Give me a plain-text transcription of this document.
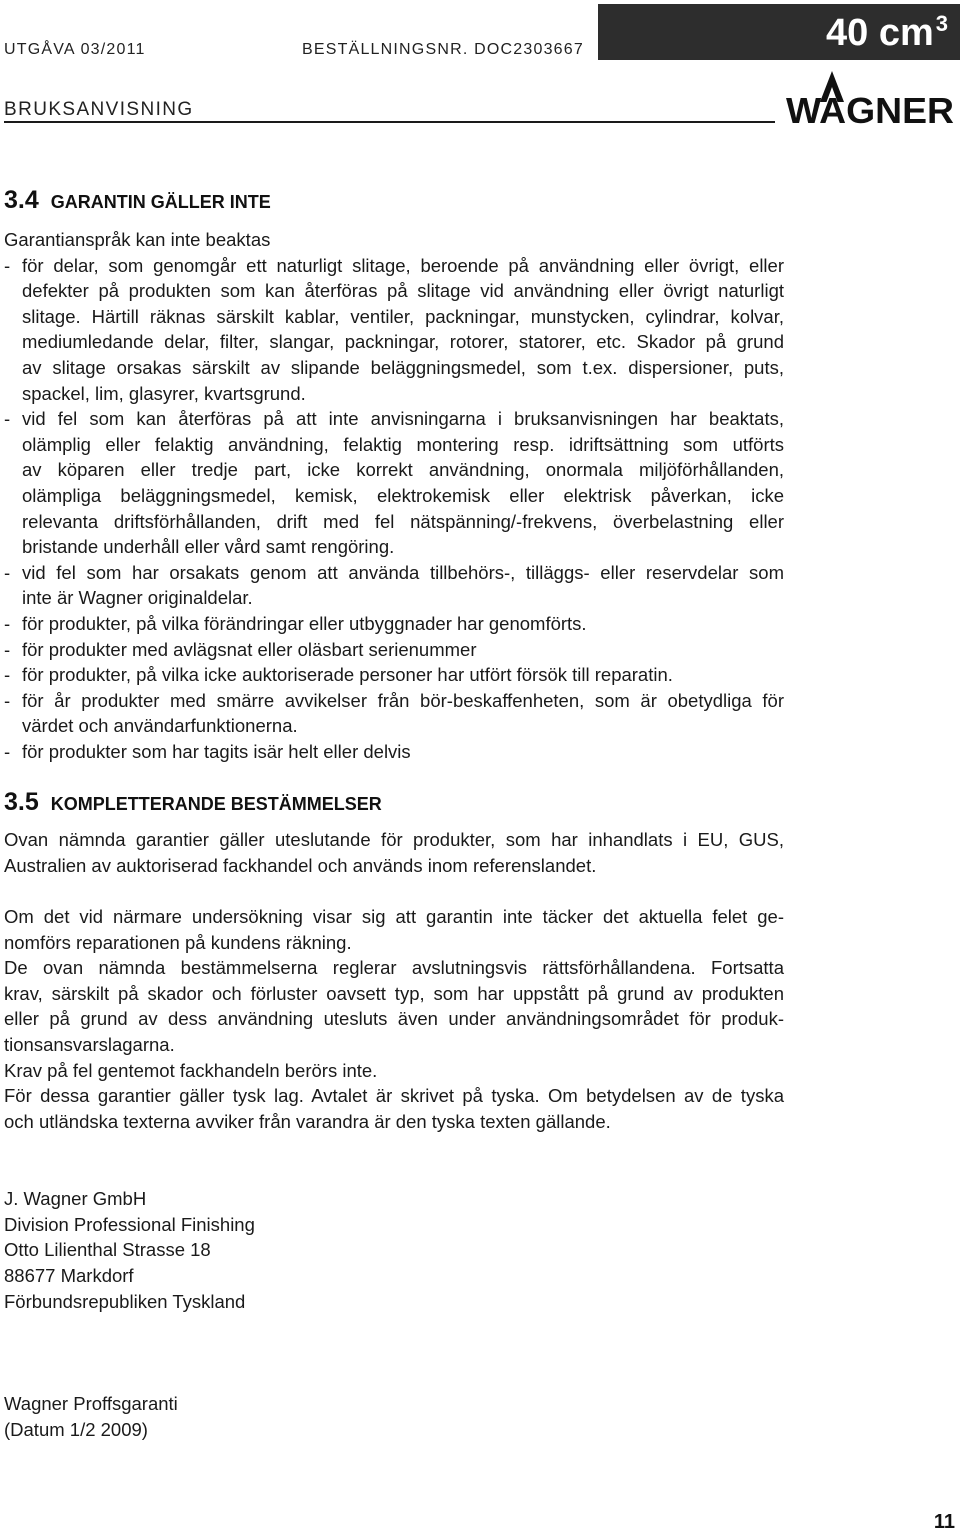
UTGÅVA 03/2011	BESTÄLLNINGSNR. DOC2303667	40 $cm^3$
BRUKSANVISNING	WAGNER
3.4 GARANTIN GÄLLER INTE
Garantianspråk kan inte beaktas
- för delar, som genomgår ett naturligt slitage, beroende på användning eller övrigt, eller
defekter på produkten som kan återföras på slitage vid användning eller övrigt naturligt
slitage. Härtill räknas särskilt kablar, ventiler, packningar, munstycken, cylindrar, kolvar,
mediumledande delar, filter, slangar, packningar, rotorer, statorer, etc. Skador på grund
av slitage orsakas särskilt av slipande beläggningsmedel, som t.ex. dispersioner, puts,
spackel, lim, glasyrer, kvartsgrund.
- vid fel som kan återföras på att inte anvisningarna i bruksanvisningen har beaktats,
olämplig eller felaktig användning, felaktig montering resp. idriftsättning som utförts
av köparen eller tredje part, icke korrekt användning, onormala miljöförhållanden,
olämpliga beläggningsmedel, kemisk, elektrokemisk eller elektrisk påverkan, icke
relevanta driftsförhållanden, drift med fel nätspänning/-frekvens, överbelastning eller
bristande underhåll eller vård samt rengöring.
- vid fel som har orsakats genom att använda tillbehörs-, tilläggs- eller reservdelar som
inte är Wagner originaldelar.
- för produkter, på vilka förändringar eller utbyggnader har genomförts.
- för produkter med avlägsnat eller oläsbart serienummer
- för produkter, på vilka icke auktoriserade personer har utfört försök till reparatin.
- för år produkter med smärre avvikelser från bör-beskaffenheten, som är obetydliga för
värdet och användarfunktionerna.
- för produkter som har tagits isär helt eller delvis
3.5 KOMPLETTERANDE BESTÄMMELSER
Ovan nämnda garantier gäller uteslutande för produkter, som har inhandlats i EU, GUS,
Australien av auktoriserad fackhandel och används inom referenslandet.
Om det vid närmare undersökning visar sig att garantin inte täcker det aktuella felet ge-
nomförs reparationen på kundens räkning.
De ovan nämnda bestämmelserna reglerar avslutningsvis rättsförhållandena. Fortsatta
krav, särskilt på skador och förluster oavsett typ, som har uppstått på grund av produkten
eller på grund av dess användning utesluts även under användningsområdet för produk-
tionsansvarslagarna.
Krav på fel gentemot fackhandeln berörs inte.
För dessa garantier gäller tysk lag. Avtalet är skrivet på tyska. Om betydelsen av de tyska
och utländska texterna avviker från varandra är den tyska texten gällande.
J. Wagner GmbH
Division Professional Finishing
Otto Lilienthal Strasse 18
88677 Markdorf
Förbundsrepubliken Tyskland
Wagner Proffsgaranti
(Datum 1/2 2009)
11
